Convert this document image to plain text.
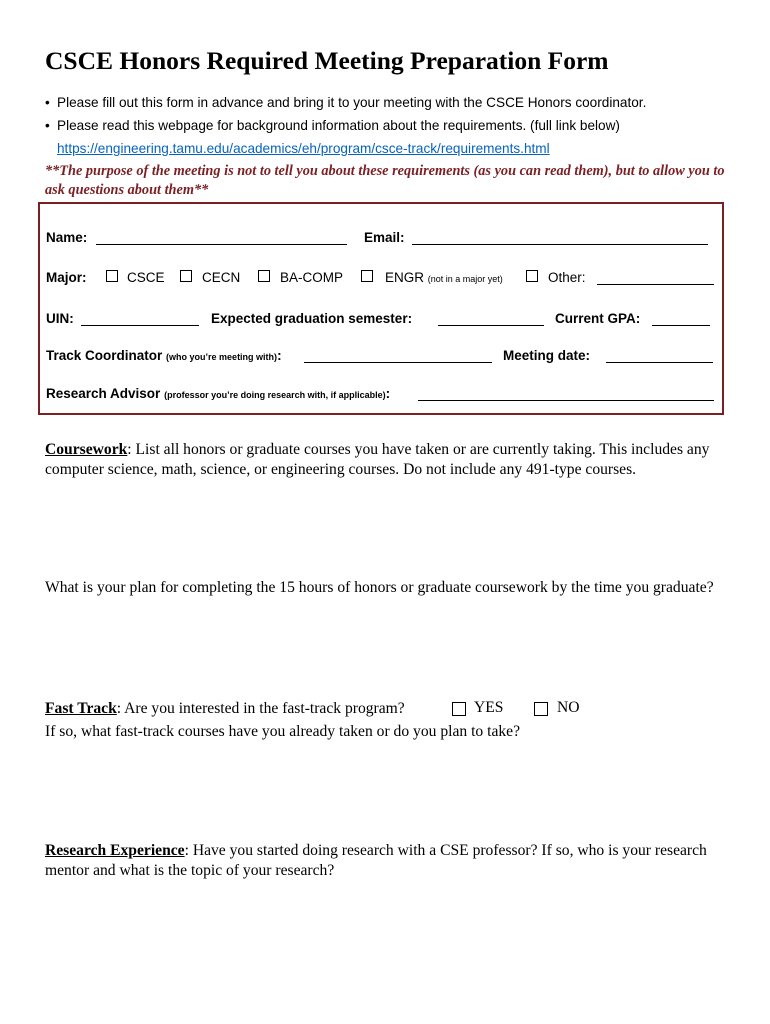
CSCE Honors Required Meeting Preparation Form
• Please fill out this form in advance and bring it to your meeting with the CSCE Honors coordinator.
• Please read this webpage for background information about the requirements. (full link below)
https://engineering.tamu.edu/academics/eh/program/csce-track/requirements.html
**The purpose of the meeting is not to tell you about these requirements (as you can read them), but to allow you to ask questions about them**
Name:	Email:
Major:	CSCE	CECN	BA-COMP	ENGR (not in a major yet)	Other:
UIN:	Expected graduation semester:	Current GPA:
Track Coordinator (who you’re meeting with):	Meeting date:
Research Advisor (professor you’re doing research with, if applicable):
Coursework: List all honors or graduate courses you have taken or are currently taking. This includes any computer science, math, science, or engineering courses. Do not include any 491-type courses.
What is your plan for completing the 15 hours of honors or graduate coursework by the time you graduate?
Fast Track: Are you interested in the fast-track program?	YES	NO
If so, what fast-track courses have you already taken or do you plan to take?
Research Experience: Have you started doing research with a CSE professor? If so, who is your research mentor and what is the topic of your research?
